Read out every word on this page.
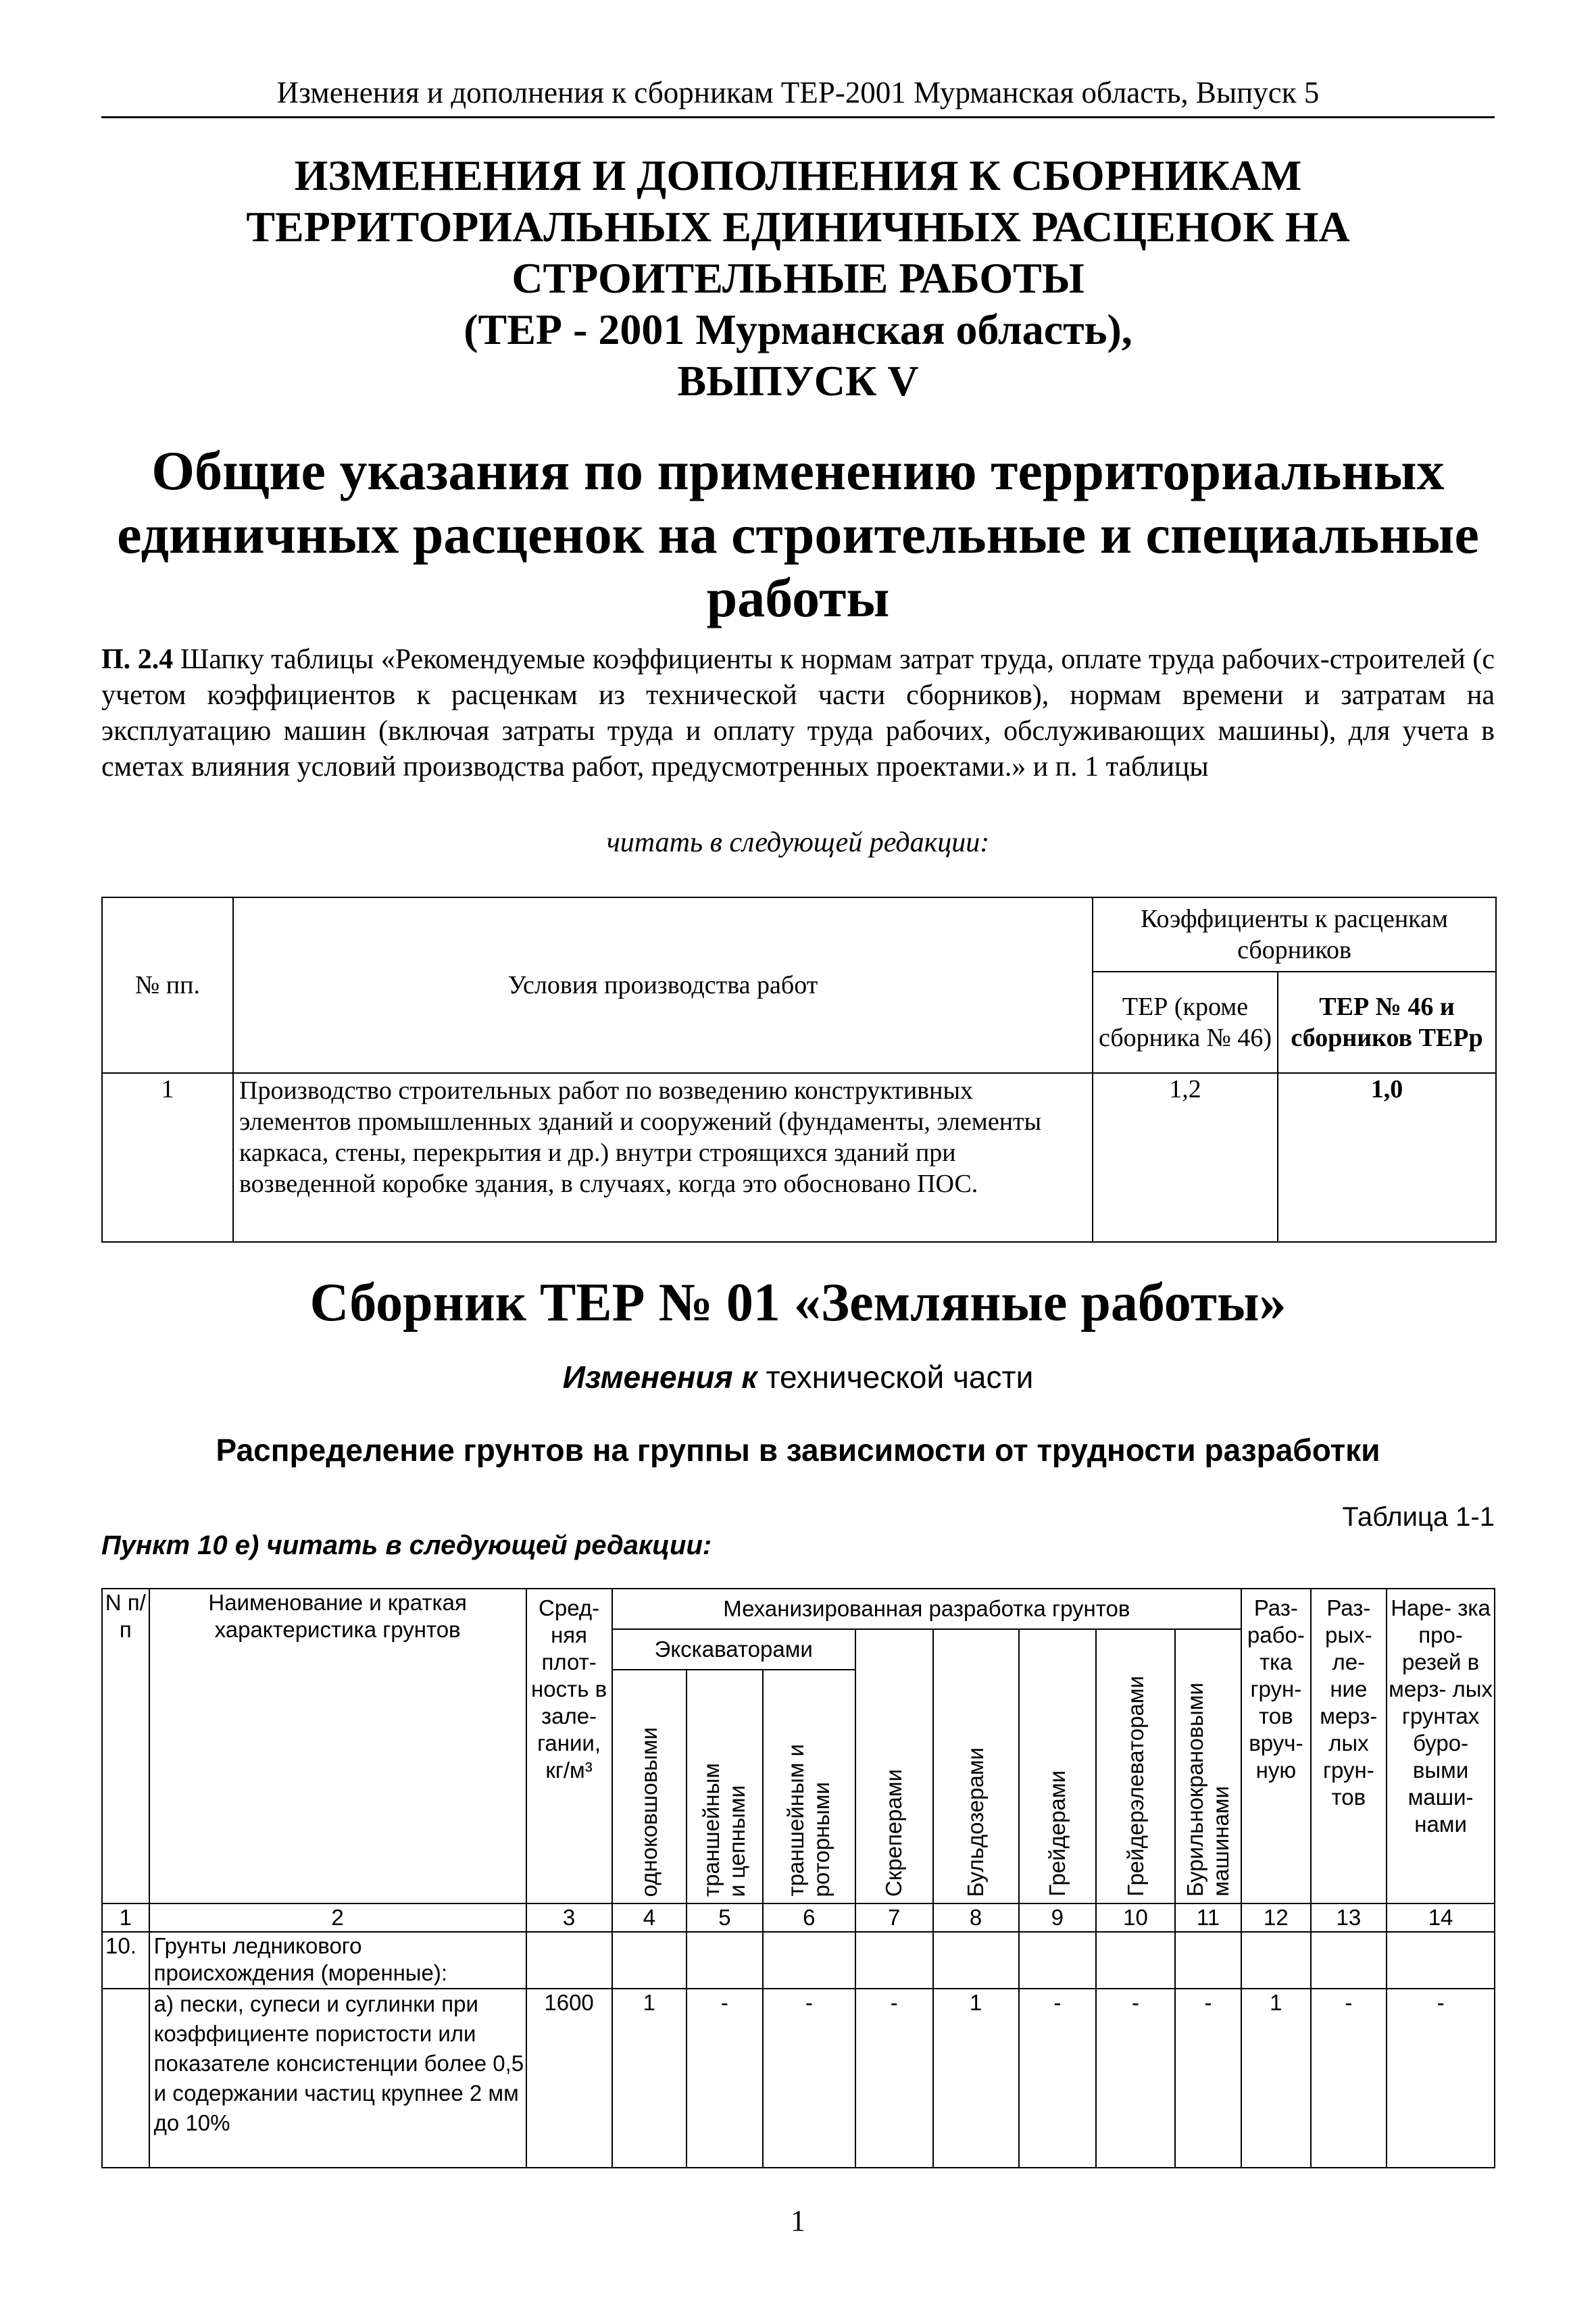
Изменения и дополнения к сборникам ТЕР-2001 Мурманская область, Выпуск 5
ИЗМЕНЕНИЯ И ДОПОЛНЕНИЯ К СБОРНИКАМ
ТЕРРИТОРИАЛЬНЫХ ЕДИНИЧНЫХ РАСЦЕНОК НА
СТРОИТЕЛЬНЫЕ РАБОТЫ
(ТЕР - 2001 Мурманская область),
ВЫПУСК V
Общие указания по применению территориальных
единичных расценок на строительные и специальные
работы
П. 2.4 Шапку таблицы «Рекомендуемые коэффициенты к нормам затрат труда, оплате труда рабочих-строителей (с учетом коэффициентов к расценкам из технической части сборников), нормам времени и затратам на эксплуатацию машин (включая затраты труда и оплату труда рабочих, обслуживающих машины), для учета в сметах влияния условий производства работ, предусмотренных проектами.» и п. 1 таблицы
читать в следующей редакции:
№ пп.	Условия производства работ	Коэффициенты к расценкам сборников	
		ТЕР (кроме сборника № 46)	ТЕР № 46 и сборников ТЕРр
1	Производство строительных работ по возведению конструктивных элементов промышленных зданий и сооружений (фундаменты, элементы каркаса, стены, перекрытия и др.) внутри строящихся зданий при возведенной коробке здания, в случаях, когда это обосновано ПОС.	1,2	1,0
Сборник ТЕР № 01 «Земляные работы»
Изменения к технической части
Распределение грунтов на группы в зависимости от трудности разработки
Таблица 1-1
Пункт 10 е) читать в следующей редакции:
N п/п	Наименование и краткая характеристика грунтов	Сред- няя плот- ность в зале- гании, кг/м³	Механизированная разработка грунтов								Раз- рабо- тка грун- тов вруч- ную	Раз- рых- ле- ние мерз- лых грун- тов	Наре- зка про- резей в мерз- лых грунтах буро- выми маши- нами
			Экскаваторами			Скреперами	Бульдозерами	Грейдерами	Грейдерэлеваторами	Бурильнокрановымимашинами			
			одноковшовыми	траншейными цепными	траншейным ироторными								
1	2	3	4	5	6	7	8	9	10	11	12	13	14
10.	Грунты ледникового происхождения (моренные):												
	а) пески, супеси и суглинки при коэффициенте пористости или показателе консистенции более 0,5 и содержании частиц крупнее 2 мм до 10%	1600	1	-	-	-	1	-	-	-	1	-	-
1
